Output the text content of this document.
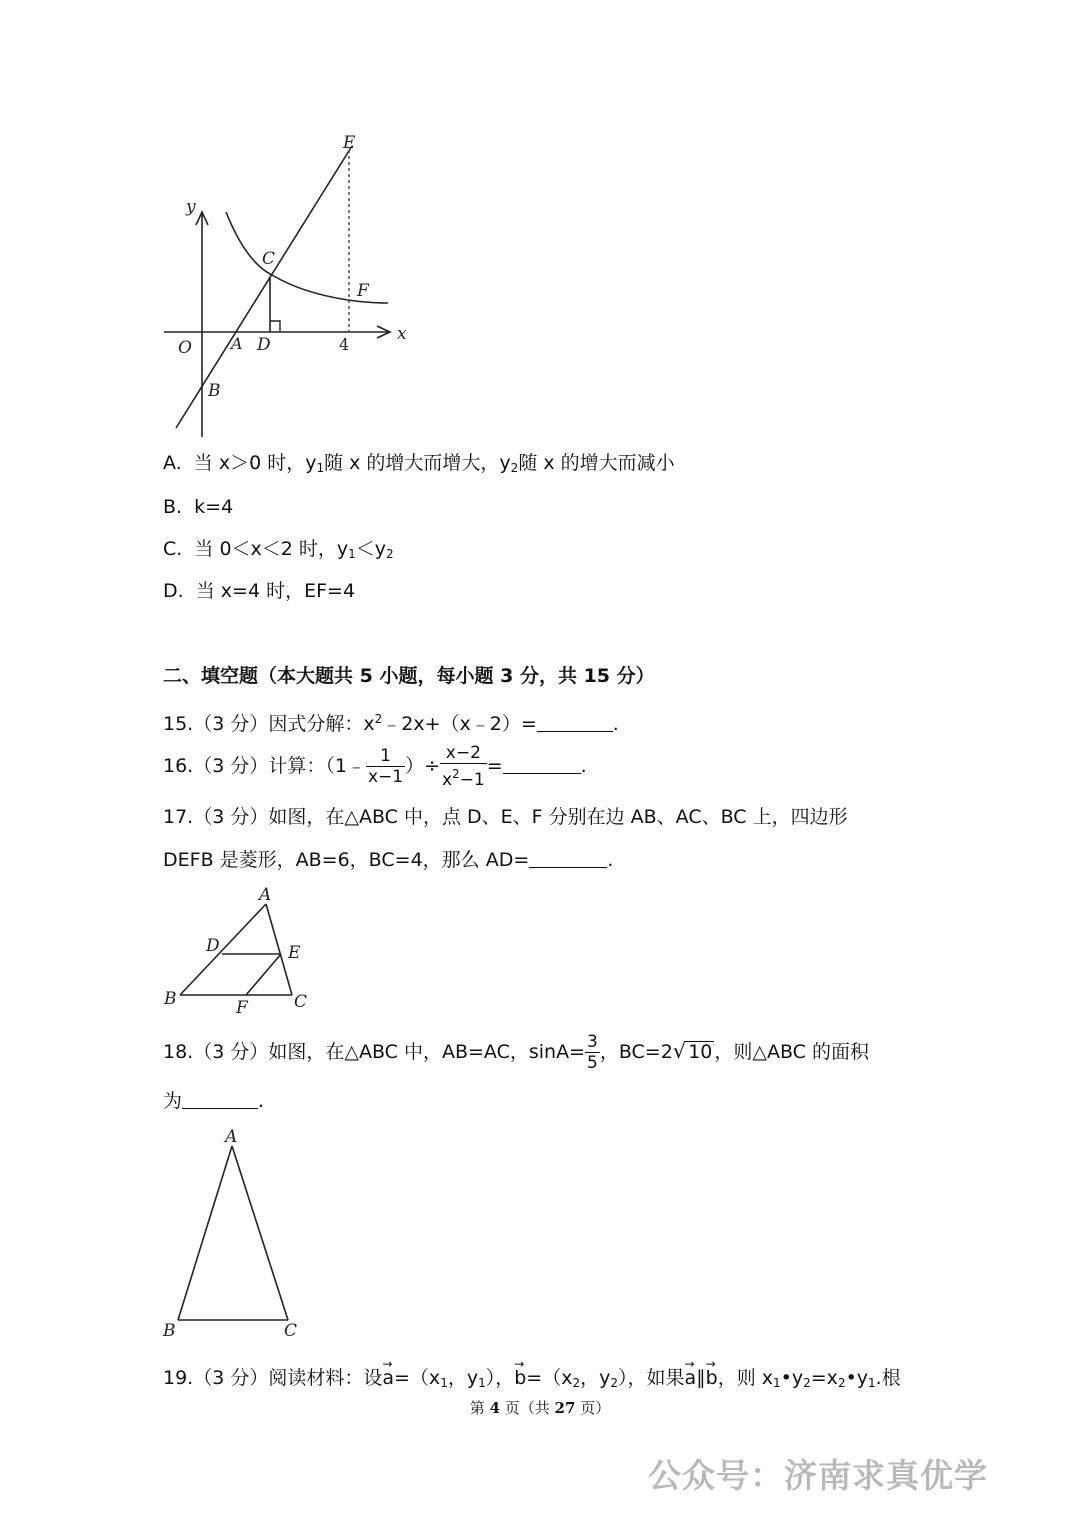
y
x
O A
B
C
D
E
F
4
A. 当 x＞0 时，$y_1$随 x 的增大而增大，$y_2$随 x 的增大而减小
B. k=4
C. 当 0＜x＜2 时，$y_1<y_2$
D. 当 x=4 时，EF=4
二、填空题（本大题共 5 小题，每小题 3 分，共 15 分）
15.（3 分）因式分解：$x^2﹣2x+(x﹣2)=$	.
16.（3 分）计算：（1﹣ $\frac{1}{x-1}$ ）÷ $\frac{x-2}{x^2-1}$ =	.
17.（3 分）如图，在△ABC 中，点 D、E、F 分别在边 AB、AC、BC 上，四边形
DEFB 是菱形，AB=6，BC=4，那么 AD=	.
A
B	C
D	E
F
18.（3 分）如图，在△ABC 中，AB=AC，$\sin A= \frac{3}{5}$ ，BC=2√ 10 ，则△ABC 的面积
为	.
A
B	C
19.（3 分）阅读材料：设→ $a=(x_1$，$y_1$），→ $b=(x_2$，$y_2$），如果→ a∥→ b，则 $x_1•y_2=x_2•y_1$.根
第 4 页（共 27 页）
公众号：济南求真优学
